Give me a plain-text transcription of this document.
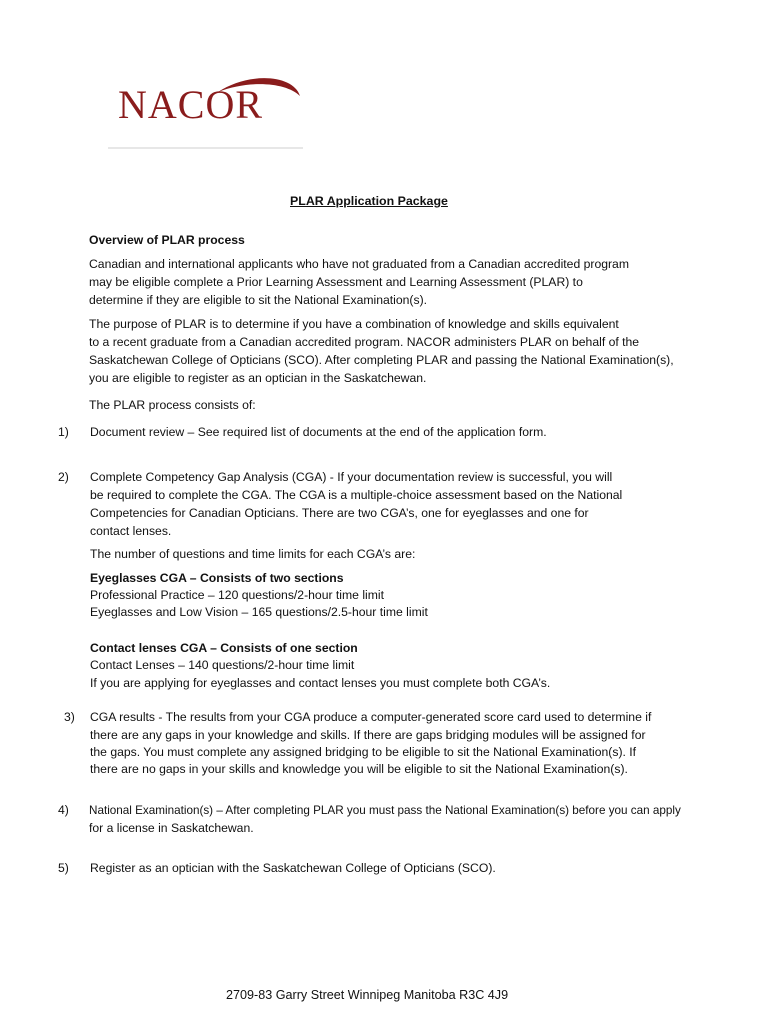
NACOR
PLAR Application Package
Overview of PLAR process
Canadian and international applicants who have not graduated from a Canadian accredited program
may be eligible complete a Prior Learning Assessment and Learning Assessment (PLAR) to
determine if they are eligible to sit the National Examination(s).
The purpose of PLAR is to determine if you have a combination of knowledge and skills equivalent
to a recent graduate from a Canadian accredited program. NACOR administers PLAR on behalf of the
Saskatchewan College of Opticians (SCO). After completing PLAR and passing the National Examination(s),
you are eligible to register as an optician in the Saskatchewan.
The PLAR process consists of:
1) Document review – See required list of documents at the end of the application form.
2) Complete Competency Gap Analysis (CGA) - If your documentation review is successful, you will
be required to complete the CGA. The CGA is a multiple-choice assessment based on the National
Competencies for Canadian Opticians. There are two CGA’s, one for eyeglasses and one for
contact lenses.
The number of questions and time limits for each CGA’s are:
Eyeglasses CGA – Consists of two sections
Professional Practice – 120 questions/2-hour time limit
Eyeglasses and Low Vision – 165 questions/2.5-hour time limit
Contact lenses CGA – Consists of one section
Contact Lenses – 140 questions/2-hour time limit
If you are applying for eyeglasses and contact lenses you must complete both CGA’s.
3) CGA results - The results from your CGA produce a computer-generated score card used to determine if
there are any gaps in your knowledge and skills. If there are gaps bridging modules will be assigned for
the gaps. You must complete any assigned bridging to be eligible to sit the National Examination(s). If
there are no gaps in your skills and knowledge you will be eligible to sit the National Examination(s).
4) National Examination(s) – After completing PLAR you must pass the National Examination(s) before you can apply
for a license in Saskatchewan.
5) Register as an optician with the Saskatchewan College of Opticians (SCO).
2709-83 Garry Street Winnipeg Manitoba R3C 4J9
